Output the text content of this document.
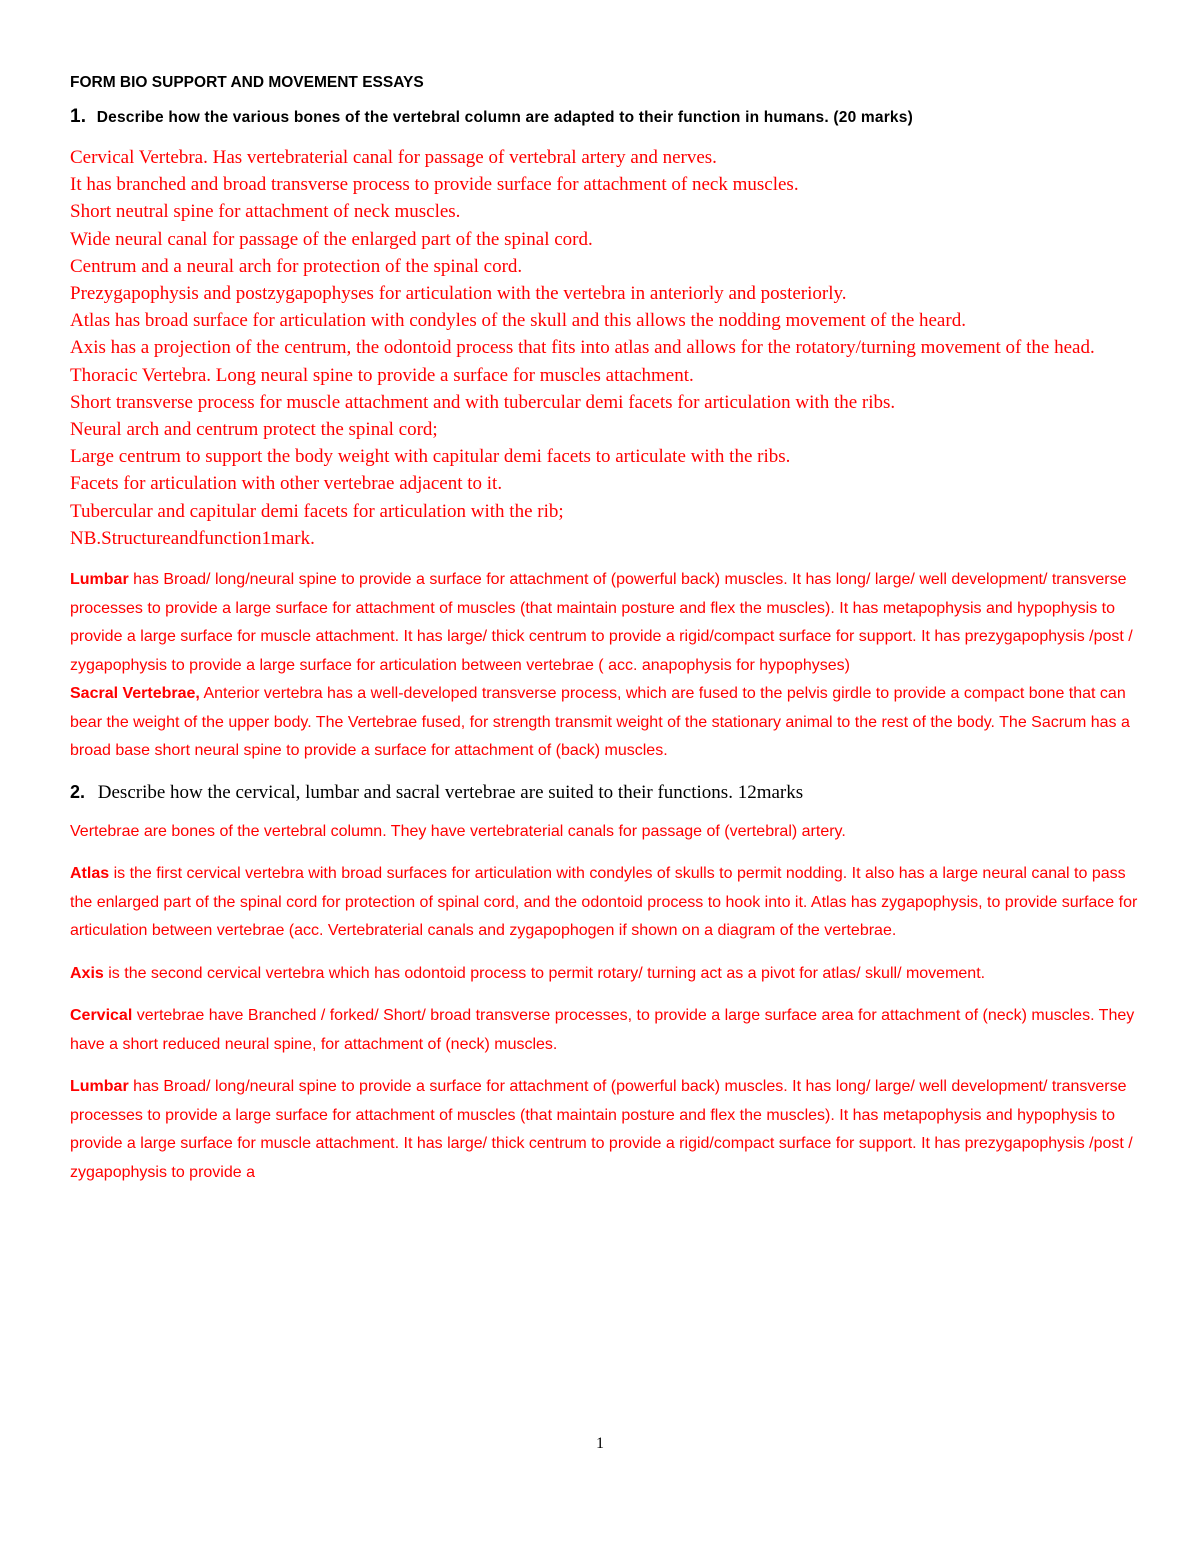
FORM BIO SUPPORT AND MOVEMENT ESSAYS
1. Describe how the various bones of the vertebral column are adapted to their function in humans. (20 marks)

Cervical Vertebra. Has vertebraterial canal for passage of vertebral artery and nerves.

It has branched and broad transverse process to provide surface for attachment of neck muscles.

Short neutral spine for attachment of neck muscles.

Wide neural canal for passage of the enlarged part of the spinal cord.

Centrum and a neural arch for protection of the spinal cord.

Prezygapophysis and postzygapophyses for articulation with the vertebra in anteriorly and posteriorly.

Atlas has broad surface for articulation with condyles of the skull and this allows the nodding movement of the heard.

Axis has a projection of the centrum, the odontoid process that fits into atlas and allows for the rotatory/turning movement of the head.

Thoracic Vertebra. Long neural spine to provide a surface for muscles attachment.

Short transverse process for muscle attachment and with tubercular demi facets for articulation with the ribs.

Neural arch and centrum protect the spinal cord;

Large centrum to support the body weight with capitular demi facets to articulate with the ribs.

Facets for articulation with other vertebrae adjacent to it.

Tubercular and capitular demi facets for articulation with the rib;

NB.Structureandfunction1mark.

Lumbar has Broad/ long/neural spine to provide a surface for attachment of (powerful back) muscles. It has long/ large/ well development/ transverse processes to provide a large surface for attachment of muscles (that maintain posture and flex the muscles). It has metapophysis and hypophysis to provide a large surface for muscle attachment. It has large/ thick centrum to provide a rigid/compact surface for support. It has prezygapophysis /post / zygapophysis to provide a large surface for articulation between vertebrae ( acc. anapophysis for hypophyses)

Sacral Vertebrae, Anterior vertebra has a well-developed transverse process, which are fused to the pelvis girdle to provide a compact bone that can bear the weight of the upper body. The Vertebrae fused, for strength transmit weight of the stationary animal to the rest of the body. The Sacrum has a broad base short neural spine to provide a surface for attachment of (back) muscles.

2. Describe how the cervical, lumbar and sacral vertebrae are suited to their functions. 12marks

Vertebrae are bones of the vertebral column. They have vertebraterial canals for passage of (vertebral) artery.

Atlas is the first cervical vertebra with broad surfaces for articulation with condyles of skulls to permit nodding. It also has a large neural canal to pass the enlarged part of the spinal cord for protection of spinal cord, and the odontoid process to hook into it. Atlas has zygapophysis, to provide surface for articulation between vertebrae (acc. Vertebraterial canals and zygapophogen if shown on a diagram of the vertebrae.

Axis is the second cervical vertebra which has odontoid process to permit rotary/ turning act as a pivot for atlas/ skull/ movement.

Cervical vertebrae have Branched / forked/ Short/ broad transverse processes, to provide a large surface area for attachment of (neck) muscles. They have a short reduced neural spine, for attachment of (neck) muscles.

Lumbar has Broad/ long/neural spine to provide a surface for attachment of (powerful back) muscles. It has long/ large/ well development/ transverse processes to provide a large surface for attachment of muscles (that maintain posture and flex the muscles). It has metapophysis and hypophysis to provide a large surface for muscle attachment. It has large/ thick centrum to provide a rigid/compact surface for support. It has prezygapophysis /post / zygapophysis to provide a

1
